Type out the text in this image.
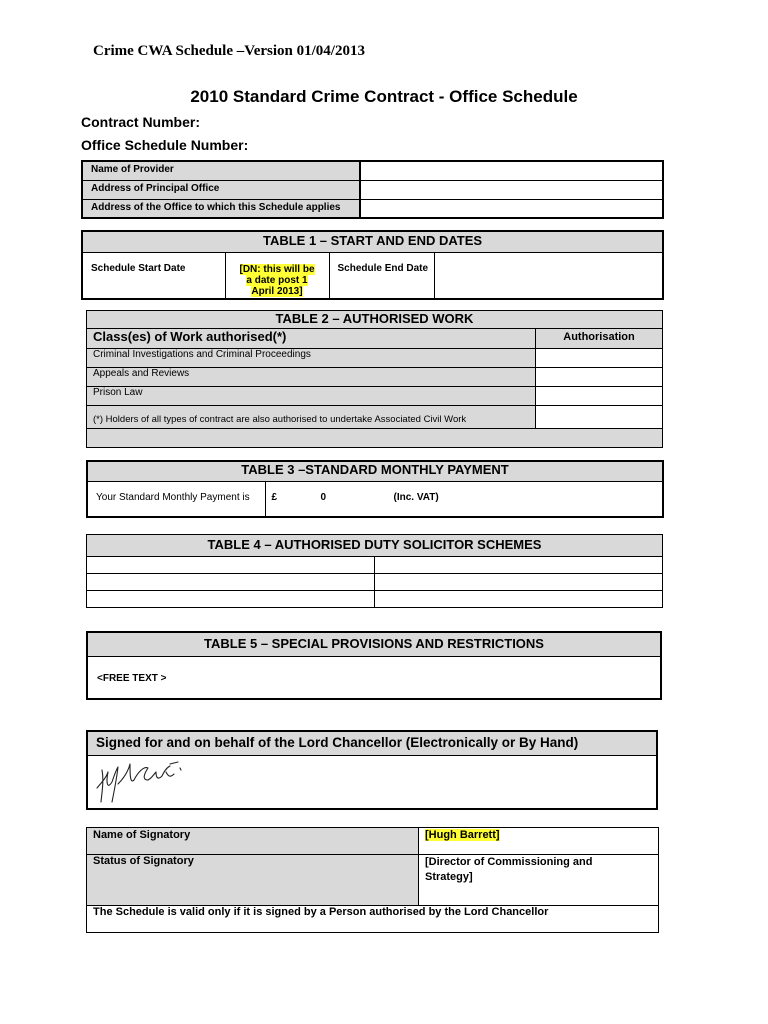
Crime CWA Schedule –Version 01/04/2013
2010 Standard Crime Contract - Office Schedule
Contract Number:
Office Schedule Number:
Name of Provider	
Address of Principal Office	
Address of the Office to which this Schedule applies	
TABLE 1 – START AND END DATES
Schedule Start Date	[DN: this will be
a date post 1
April 2013]	Schedule End Date	
TABLE 2 – AUTHORISED WORK	
Class(es) of Work authorised(*)	Authorisation
Criminal Investigations and Criminal Proceedings	
Appeals and Reviews	
Prison Law	
(*) Holders of all types of contract are also authorised to undertake Associated Civil Work	

TABLE 3 –STANDARD MONTHLY PAYMENT
Your Standard Monthly Payment is	£	0	(Inc. VAT)
TABLE 4 – AUTHORISED DUTY SOLICITOR SCHEMES	

TABLE 5 – SPECIAL PROVISIONS AND RESTRICTIONS
<FREE TEXT >
Signed for and on behalf of the Lord Chancellor (Electronically or By Hand)

Name of Signatory	[Hugh Barrett]
Status of Signatory	[Director of Commissioning and
Strategy]
The Schedule is valid only if it is signed by a Person authorised by the Lord Chancellor	
